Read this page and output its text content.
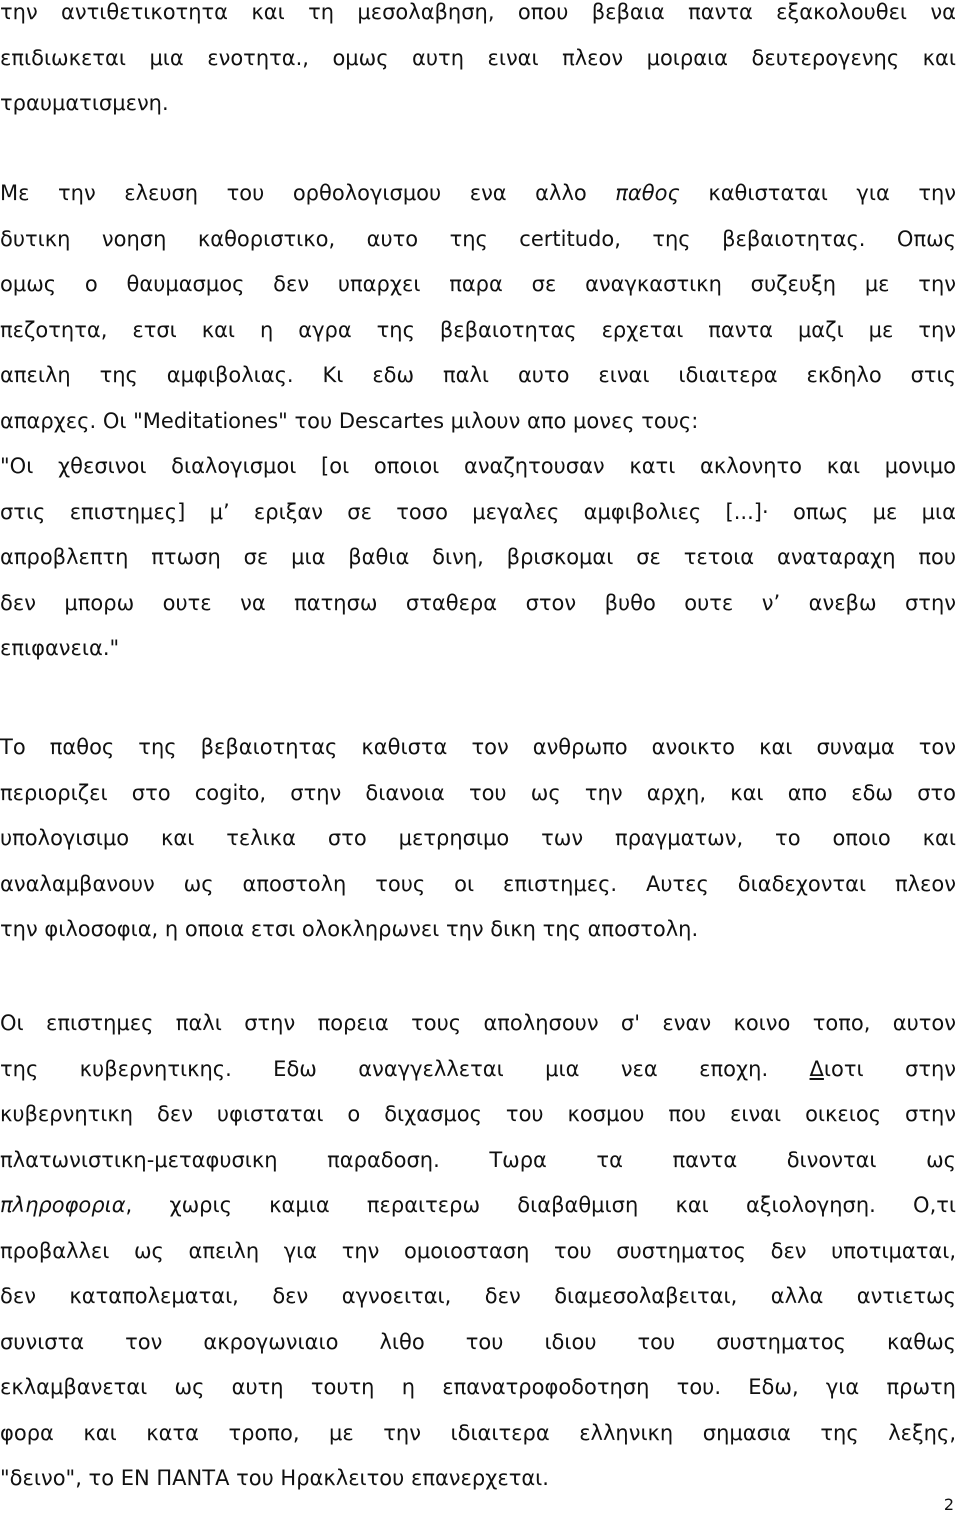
την αντιθετικοτητα και τη μεσολαβηση, οπου βεβαια παντα εξακολουθει να
επιδιωκεται μια ενοτητα., ομως αυτη ειναι πλεον μοιραια δευτερογενης και
τραυματισμενη.
Με την ελευση του ορθολογισμου ενα αλλο παθος καθισταται για την
δυτικη νοηση καθοριστικο, αυτο της certitudo, της βεβαιοτητας. Οπως
ομως ο θαυμασμος δεν υπαρχει παρα σε αναγκαστικη συζευξη με την
πεζοτητα, ετσι και η αγρα της βεβαιοτητας ερχεται παντα μαζι με την
απειλη της αμφιβολιας. Κι εδω παλι αυτο ειναι ιδιαιτερα εκδηλο στις
απαρχες. Οι "Meditationes" του Descartes μιλουν απο μονες τους:
"Οι χθεσινοι διαλογισμοι [οι οποιοι αναζητουσαν κατι ακλονητο και μονιμο
στις επιστημες] μ’ εριξαν σε τοσο μεγαλες αμφιβολιες [...]· οπως με μια
απροβλεπτη πτωση σε μια βαθια δινη, βρισκομαι σε τετοια αναταραχη που
δεν μπορω ουτε να πατησω σταθερα στον βυθο ουτε ν’ ανεβω στην
επιφανεια."
Το παθος της βεβαιοτητας καθιστα τον ανθρωπο ανοικτο και συναμα τον
περιοριζει στο cogito, στην διανοια του ως την αρχη, και απο εδω στο
υπολογισιμο και τελικα στο μετρησιμο των πραγματων, το οποιο και
αναλαμβανουν ως αποστολη τους οι επιστημες. Αυτες διαδεχονται πλεον
την φιλοσοφια, η οποια ετσι ολοκληρωνει την δικη της αποστολη.
Οι επιστημες παλι στην πορεια τους απολησουν σ' εναν κοινο τοπο, αυτον
της κυβερνητικης. Εδω αναγγελλεται μια νεα εποχη. Διοτι στην
κυβερνητικη δεν υφισταται ο διχασμος του κοσμου που ειναι οικειος στην
πλατωνιστικη-μεταφυσικη παραδοση. Τωρα τα παντα δινονται ως
πληροφορια, χωρις καμια περαιτερω διαβαθμιση και αξιολογηση. Ο,τι
προβαλλει ως απειλη για την ομοιοσταση του συστηματος δεν υποτιμαται,
δεν καταπολεμαται, δεν αγνοειται, δεν διαμεσολαβειται, αλλα αντιετως
συνιστα τον ακρογωνιαιο λιθο του ιδιου του συστηματος καθως
εκλαμβανεται ως αυτη τουτη η επανατροφοδοτηση του. Εδω, για πρωτη
φορα και κατα τροπο, με την ιδιαιτερα ελληνικη σημασια της λεξης,
"δεινο", το ΕΝ ΠΑΝΤΑ του Ηρακλειτου επανερχεται.
2
